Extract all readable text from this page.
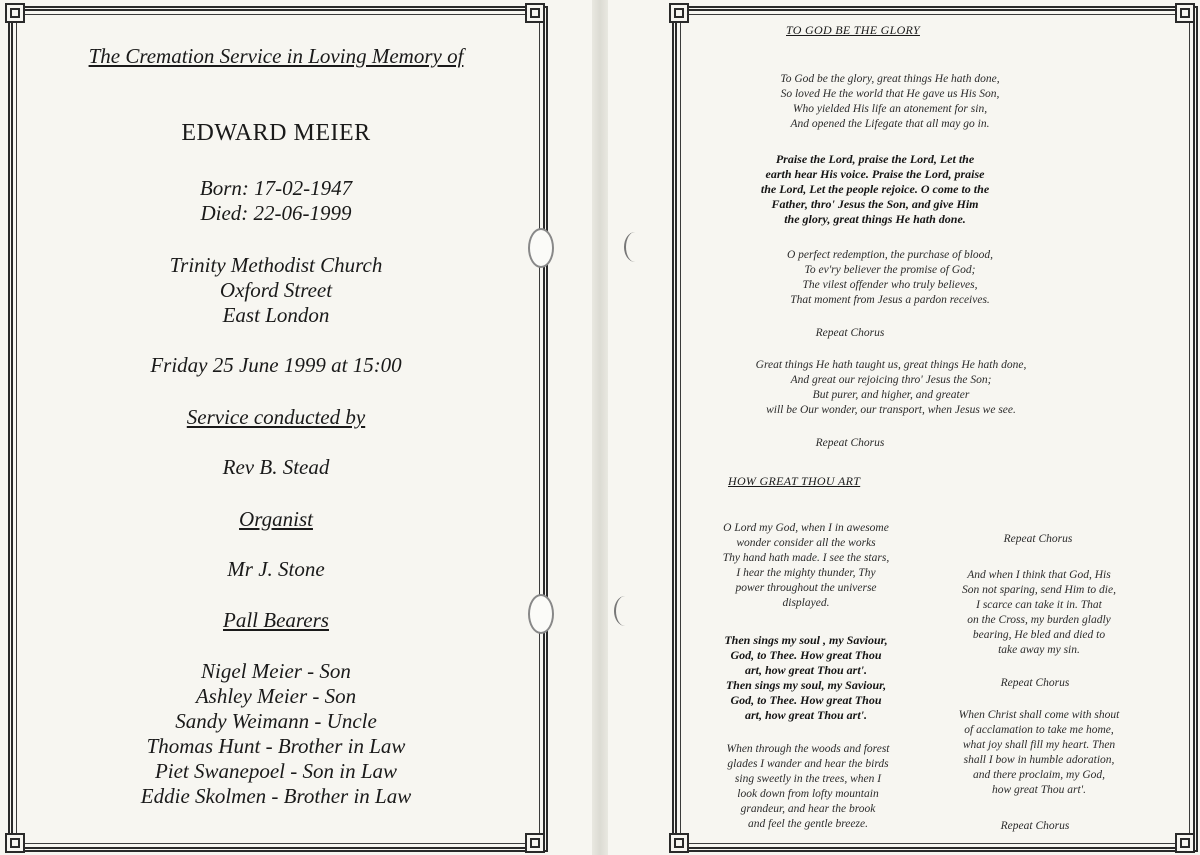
The Cremation Service in Loving Memory of
EDWARD MEIER
Born: 17-02-1947
Died: 22-06-1999
Trinity Methodist Church
Oxford Street
East London
Friday 25 June 1999 at 15:00
Service conducted by
Rev B. Stead
Organist
Mr J. Stone
Pall Bearers
Nigel Meier - Son
Ashley Meier - Son
Sandy Weimann - Uncle
Thomas Hunt - Brother in Law
Piet Swanepoel - Son in Law
Eddie Skolmen - Brother in Law
TO GOD BE THE GLORY
To God be the glory, great things He hath done,
So loved He the world that He gave us His Son,
Who yielded His life an atonement for sin,
And opened the Lifegate that all may go in.
Praise the Lord, praise the Lord, Let the
earth hear His voice. Praise the Lord, praise
the Lord, Let the people rejoice. O come to the
Father, thro' Jesus the Son, and give Him
the glory, great things He hath done.
O perfect redemption, the purchase of blood,
To ev'ry believer the promise of God;
The vilest offender who truly believes,
That moment from Jesus a pardon receives.
Repeat Chorus
Great things He hath taught us, great things He hath done,
And great our rejoicing thro' Jesus the Son;
But purer, and higher, and greater
will be Our wonder, our transport, when Jesus we see.
Repeat Chorus
HOW GREAT THOU ART
O Lord my God, when I in awesome
wonder consider all the works
Thy hand hath made. I see the stars,
I hear the mighty thunder, Thy
power throughout the universe
displayed.
Then sings my soul , my Saviour,
God, to Thee. How great Thou
art, how great Thou art'.
Then sings my soul, my Saviour,
God, to Thee. How great Thou
art, how great Thou art'.
When through the woods and forest
glades I wander and hear the birds
sing sweetly in the trees, when I
look down from lofty mountain
grandeur, and hear the brook
and feel the gentle breeze.
Repeat Chorus
And when I think that God, His
Son not sparing, send Him to die,
I scarce can take it in. That
on the Cross, my burden gladly
bearing, He bled and died to
take away my sin.
Repeat Chorus
When Christ shall come with shout
of acclamation to take me home,
what joy shall fill my heart. Then
shall I bow in humble adoration,
and there proclaim, my God,
how great Thou art'.
Repeat Chorus
